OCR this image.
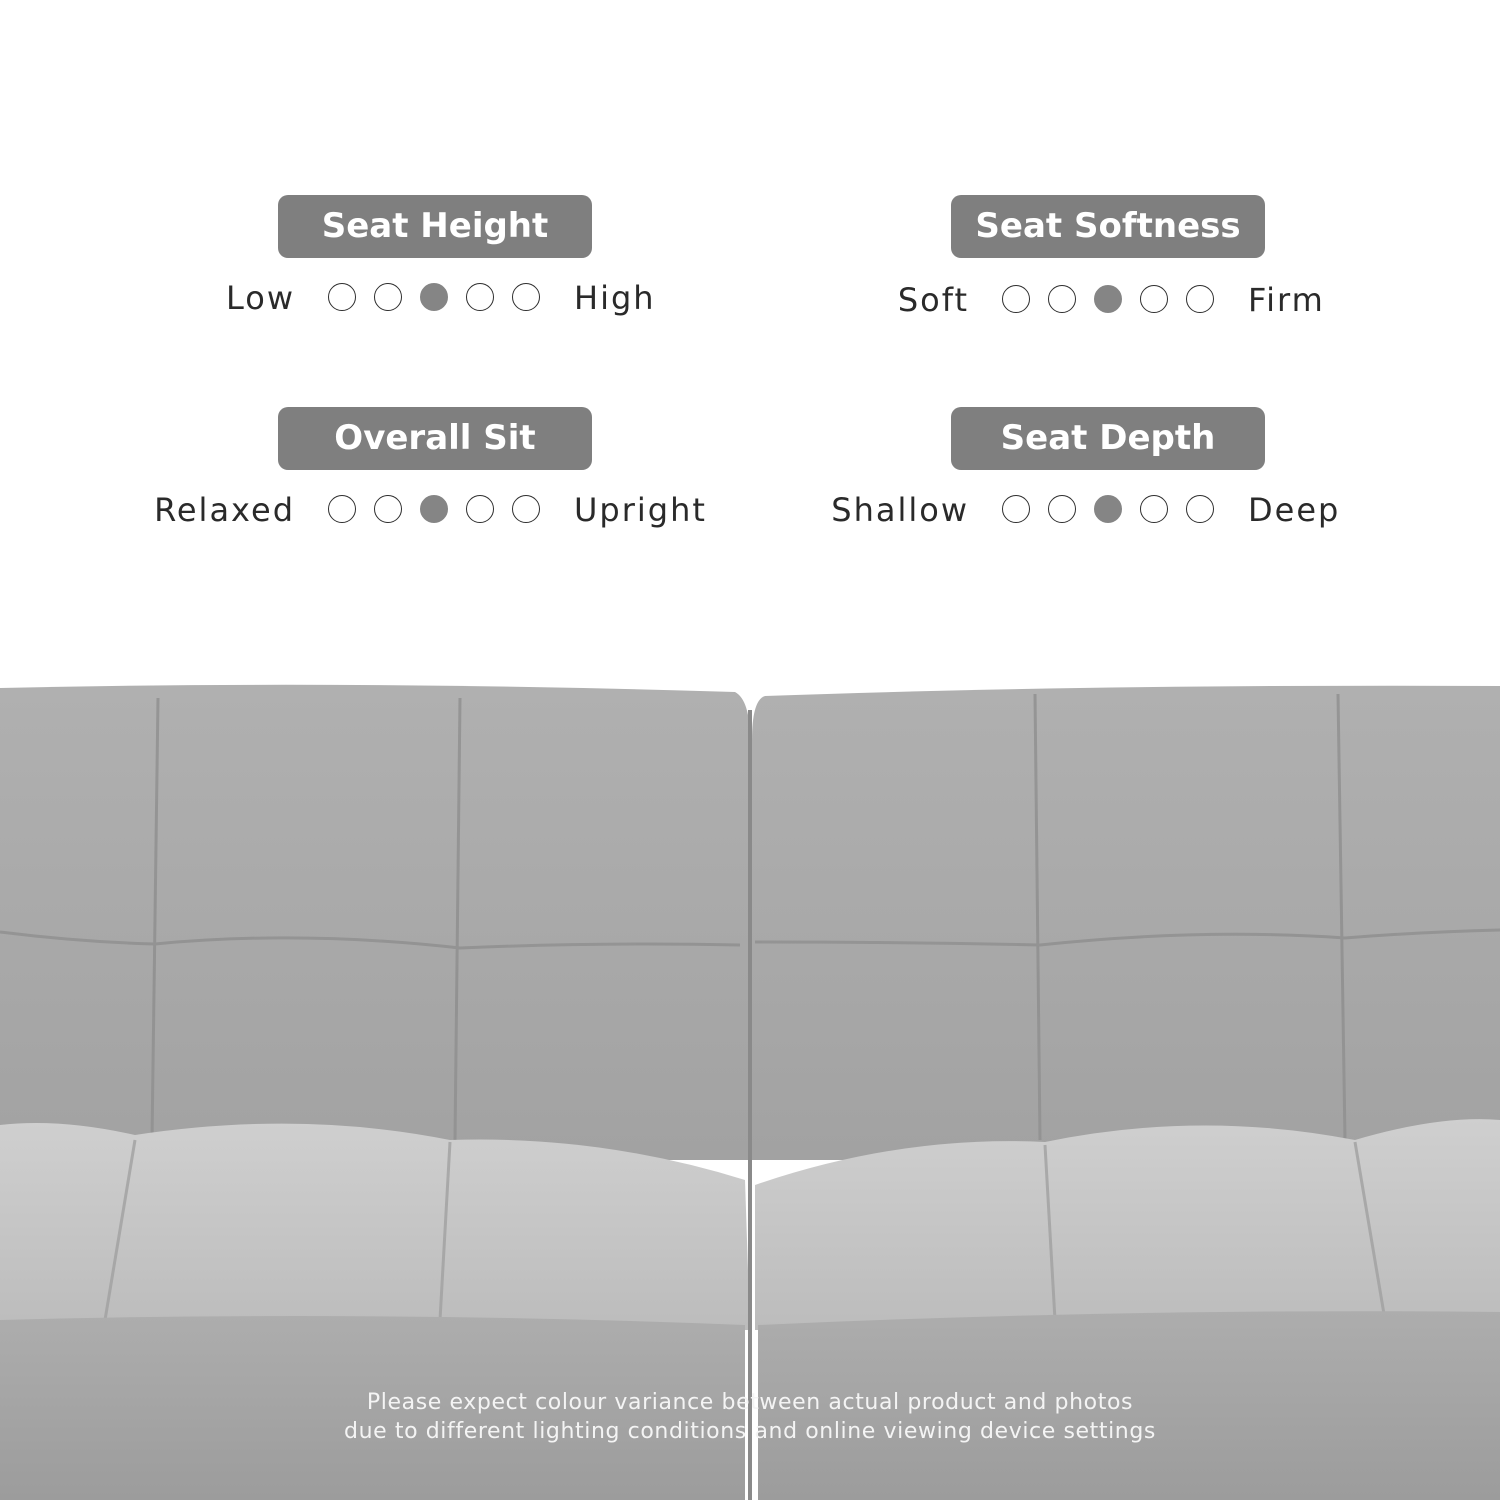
Seat Height
Low	High
Seat Softness
Soft	Firm
Overall Sit
Relaxed	Upright
Seat Depth
Shallow	Deep
Please expect colour variance between actual product and photos
due to different lighting conditions and online viewing device settings
